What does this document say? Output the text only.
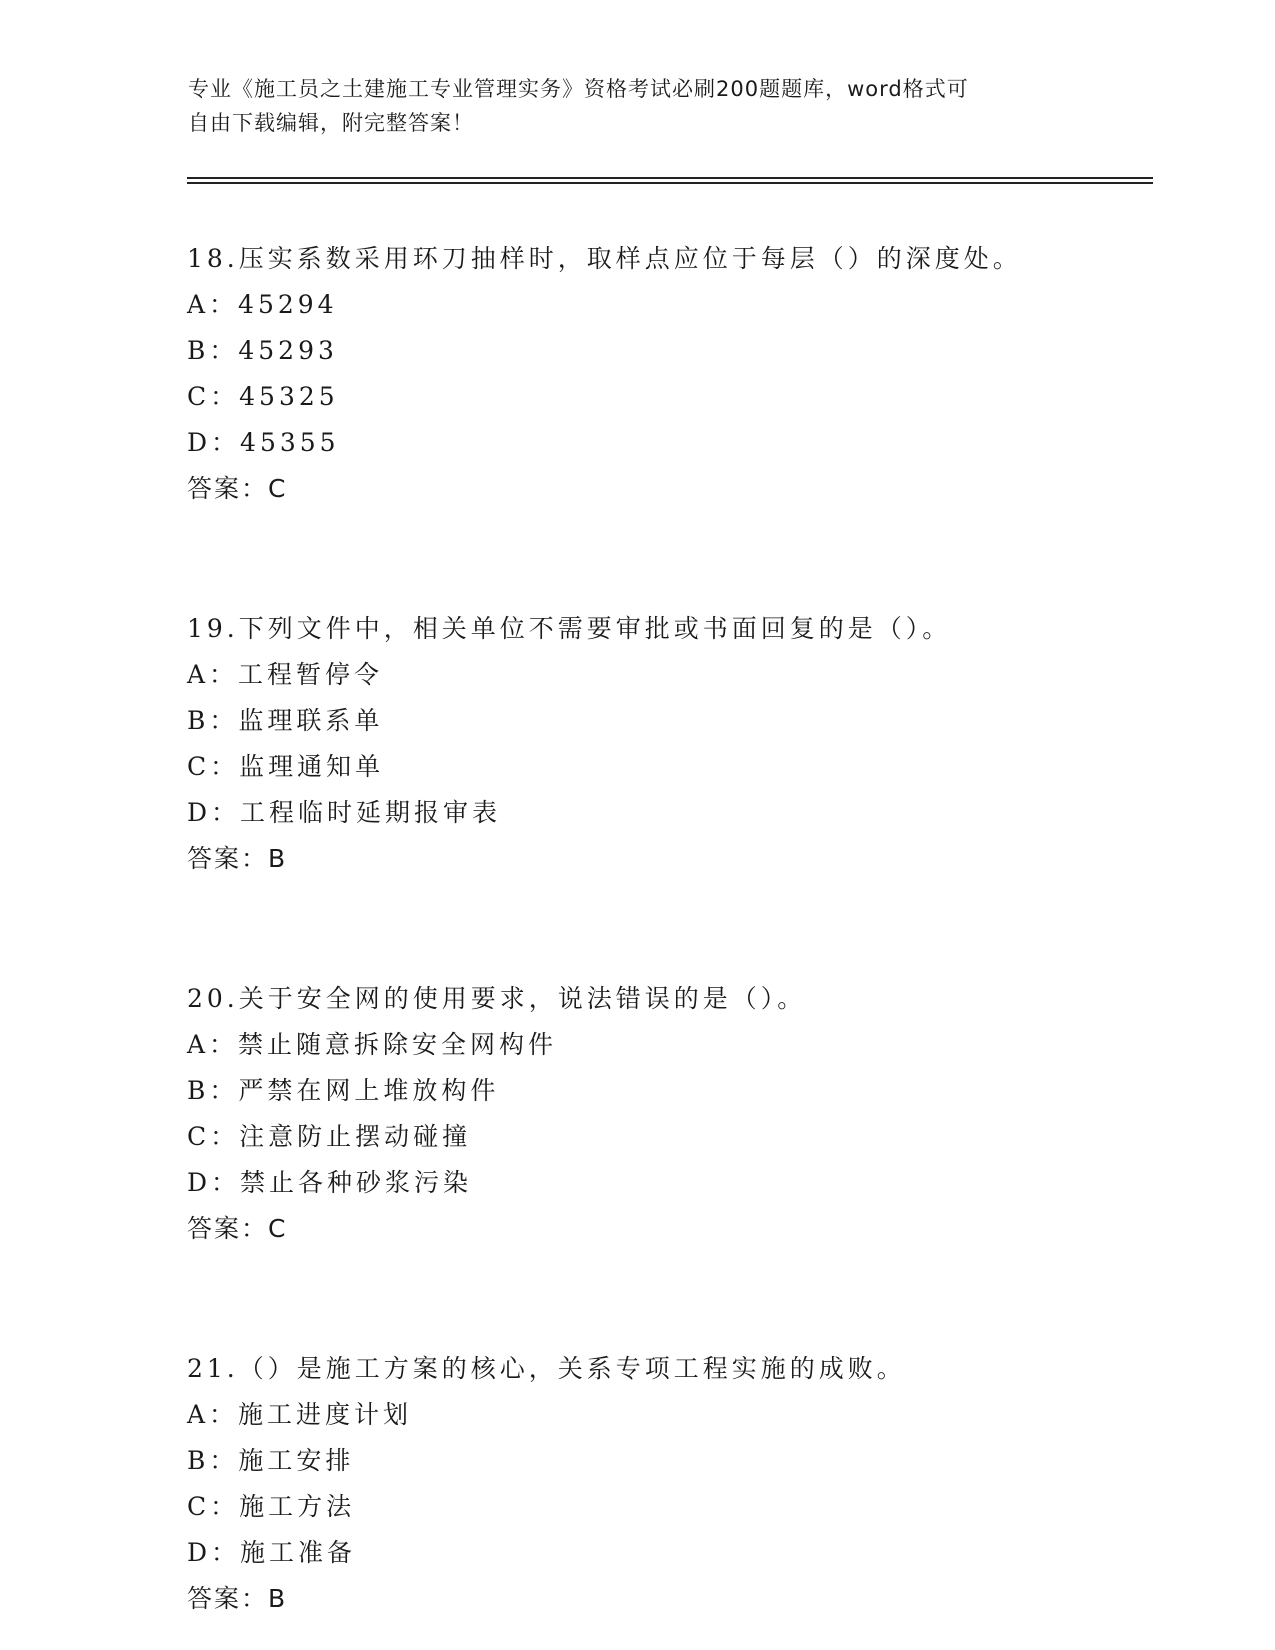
专业《施工员之土建施工专业管理实务》资格考试必刷200题题库，word格式可
自由下载编辑，附完整答案！
18.压实系数采用环刀抽样时，取样点应位于每层（）的深度处。
A：45294
B：45293
C：45325
D：45355
答案：C
19.下列文件中，相关单位不需要审批或书面回复的是（）。
A：工程暂停令
B：监理联系单
C：监理通知单
D：工程临时延期报审表
答案：B
20.关于安全网的使用要求，说法错误的是（）。
A：禁止随意拆除安全网构件
B：严禁在网上堆放构件
C：注意防止摆动碰撞
D：禁止各种砂浆污染
答案：C
21.（）是施工方案的核心，关系专项工程实施的成败。
A：施工进度计划
B：施工安排
C：施工方法
D：施工准备
答案：B
